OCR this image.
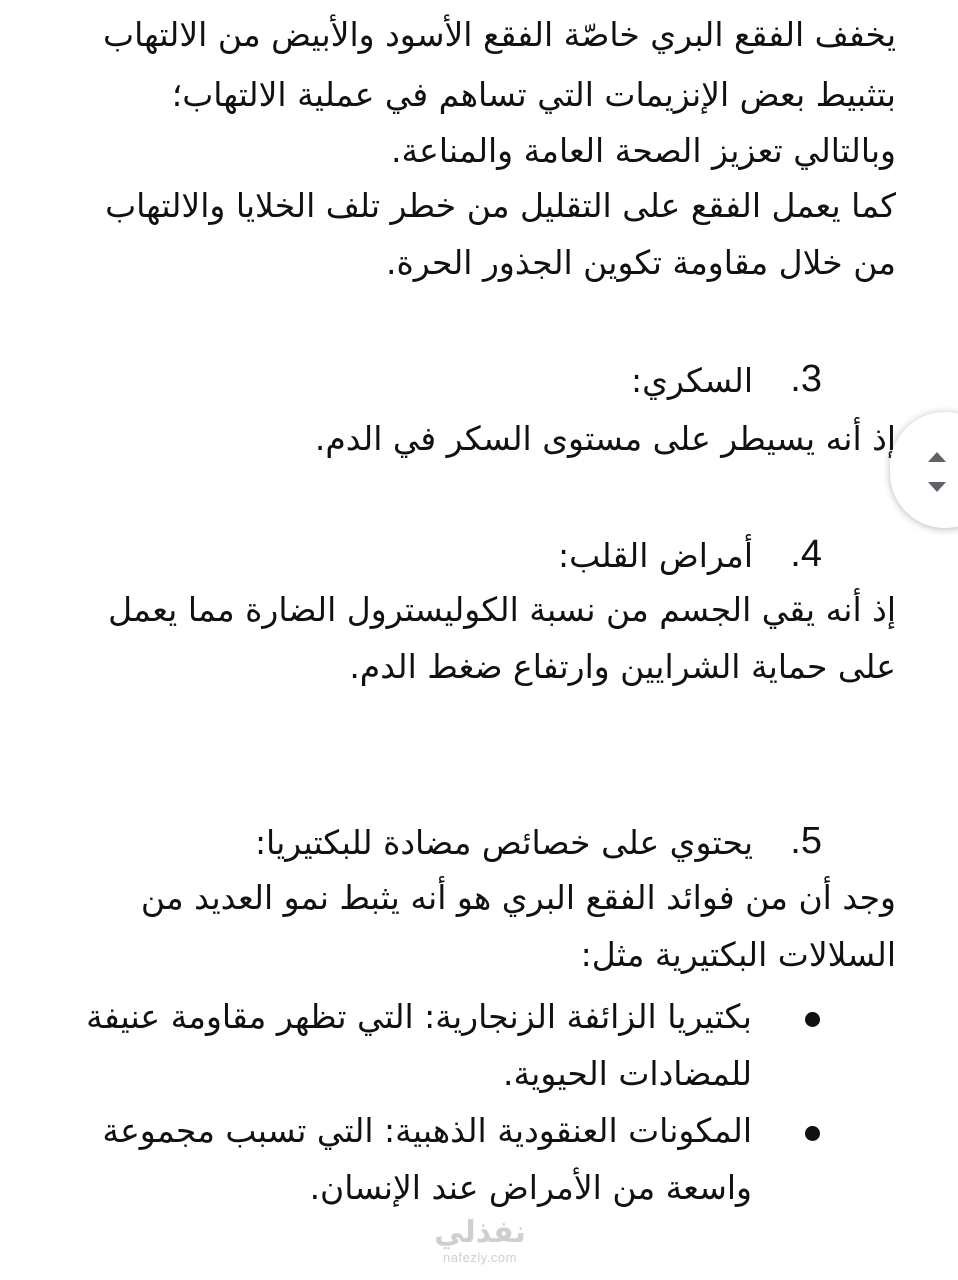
يخفف الفقع البري خاصّة الفقع الأسود والأبيض من الالتهاب
بتثبيط بعض الإنزيمات التي تساهم في عملية الالتهاب؛
وبالتالي تعزيز الصحة العامة والمناعة.
كما يعمل الفقع على التقليل من خطر تلف الخلايا والالتهاب
من خلال مقاومة تكوين الجذور الحرة.
3.
السكري:
إذ أنه يسيطر على مستوى السكر في الدم.
4.
أمراض القلب:
إذ أنه يقي الجسم من نسبة الكوليسترول الضارة مما يعمل
على حماية الشرايين وارتفاع ضغط الدم.
5.
يحتوي على خصائص مضادة للبكتيريا:
وجد أن من فوائد الفقع البري هو أنه يثبط نمو العديد من
السلالات البكتيرية مثل:
بكتيريا الزائفة الزنجارية: التي تظهر مقاومة عنيفة
للمضادات الحيوية.
المكونات العنقودية الذهبية: التي تسبب مجموعة
واسعة من الأمراض عند الإنسان.
نفذلي
nafezly.com
